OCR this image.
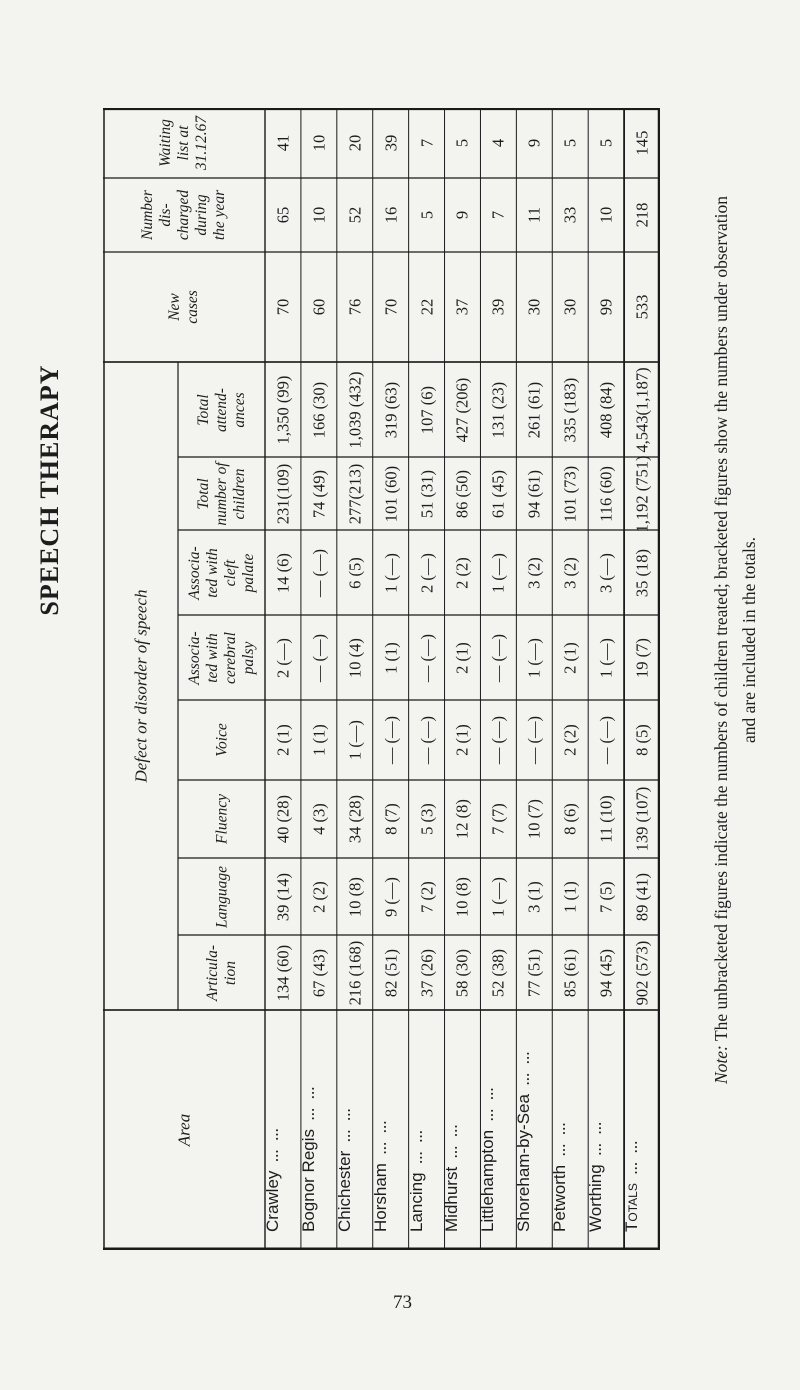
SPEECH THERAPY
Defect or disorder of speech
Waiting
list at
31.12.67
Number
dis-
charged
during
the year
New
cases
Total
attend-
ances
Total
number of
children
Associa-
ted with
cleft
palate
Associa-
ted with
cerebral
palsy
Voice
Fluency
Language
Articula-
tion
Area
41
65
70
1,350 (99)
231(109)
14 (6)
2 (—)
2 (1)
40 (28)
39 (14)
134 (60)
Crawley  ...  ...
10
10
60
166 (30)
74 (49)
— (—)
— (—)
1 (1)
4 (3)
2 (2)
67 (43)
Bognor Regis  ...  ...
20
52
76
1,039 (432)
277(213)
6 (5)
10 (4)
1 (—)
34 (28)
10 (8)
216 (168)
Chichester  ...  ...
39
16
70
319 (63)
101 (60)
1 (—)
1 (1)
— (—)
8 (7)
9 (—)
82 (51)
Horsham  ...  ...
7
5
22
107 (6)
51 (31)
2 (—)
— (—)
— (—)
5 (3)
7 (2)
37 (26)
Lancing  ...  ...
5
9
37
427 (206)
86 (50)
2 (2)
2 (1)
2 (1)
12 (8)
10 (8)
58 (30)
Midhurst  ...  ...
4
7
39
131 (23)
61 (45)
1 (—)
— (—)
— (—)
7 (7)
1 (—)
52 (38)
Littlehampton  ...  ...
9
11
30
261 (61)
94 (61)
3 (2)
1 (—)
— (—)
10 (7)
3 (1)
77 (51)
Shoreham-by-Sea  ...  ...
5
33
30
335 (183)
101 (73)
3 (2)
2 (1)
2 (2)
8 (6)
1 (1)
85 (61)
Petworth  ...  ...
5
10
99
408 (84)
116 (60)
3 (—)
1 (—)
— (—)
11 (10)
7 (5)
94 (45)
Worthing  ...  ...
145
218
533
4,543(1,187)
1,192 (751)
35 (18)
19 (7)
8 (5)
139 (107)
89 (41)
902 (573)
Totals  ...  ...
73
Note: The unbracketed figures indicate the numbers of children treated; bracketed figures show the numbers under observation and are included in the totals.
